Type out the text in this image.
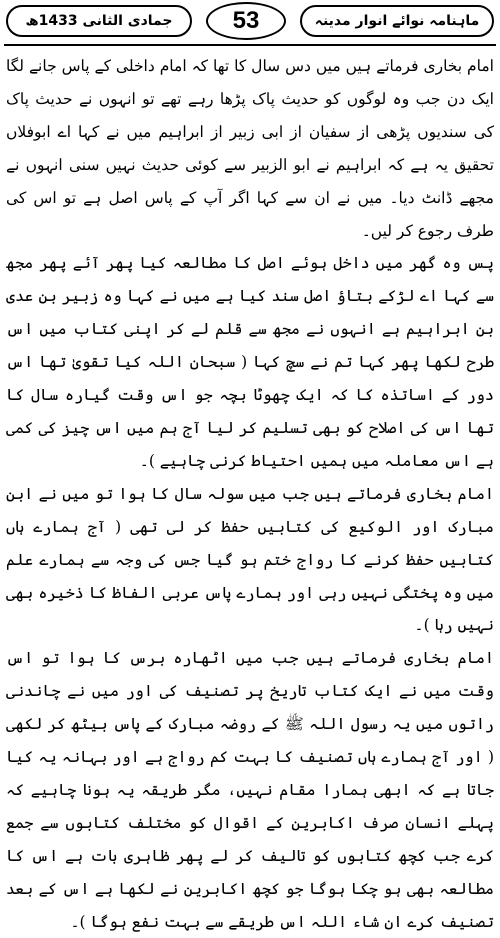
جمادی الثانی 1433ھ	53	ماہنامہ نوائے انوار مدینہ

امام بخاری فرماتے ہیں میں دس سال کا تھا کہ امام داخلی کے پاس جانے لگا ایک دن جب وہ لوگوں کو حدیث پاک پڑھا رہے تھے تو انہوں نے حدیث پاک کی سندیوں پڑھی از سفیان از ابی زبیر از ابراہیم میں نے کہا اے ابوفلاں تحقیق یہ ہے کہ ابراہیم نے ابو الزبیر سے کوئی حدیث نہیں سنی انہوں نے مجھے ڈانٹ دیا۔ میں نے ان سے کہا اگر آپ کے پاس اصل ہے تو اس کی طرف رجوع کر لیں۔

پس وہ گھر میں داخل ہوئے اصل کا مطالعہ کیا پھر آئے پھر مجھ سے کہا اے لڑکے بتاؤ اصل سند کیا ہے میں نے کہا وہ زبیر بن عدی بن ابراہیم ہے انہوں نے مجھ سے قلم لے کر اپنی کتاب میں اس طرح لکھا پھر کہا تم نے سچ کہا ( سبحان اللہ کیا تقویٰ تھا اس دور کے اساتذہ کا کہ ایک چھوٹا بچہ جو اس وقت گیارہ سال کا تھا اس کی اصلاح کو بھی تسلیم کر لیا آج ہم میں اس چیز کی کمی ہے اس معاملہ میں ہمیں احتیاط کرنی چاہیے )۔

امام بخاری فرماتے ہیں جب میں سولہ سال کا ہوا تو میں نے ابن مبارک اور الوکیع کی کتابیں حفظ کر لی تھی ( آج ہمارے ہاں کتابیں حفظ کرنے کا رواج ختم ہو گیا جس کی وجہ سے ہمارے علم میں وہ پختگی نہیں رہی اور ہمارے پاس عربی الفاظ کا ذخیرہ بھی نہیں رہا )۔

امام بخاری فرماتے ہیں جب میں اٹھارہ برس کا ہوا تو اس وقت میں نے ایک کتاب تاریخ پر تصنیف کی اور میں نے چاندنی راتوں میں یہ رسول اللہ ﷺ کے روضہ مبارک کے پاس بیٹھ کر لکھی ( اور آج ہمارے ہاں تصنیف کا بہت کم رواج ہے اور بہانہ یہ کیا جاتا ہے کہ ابھی ہمارا مقام نہیں، مگر طریقہ یہ ہونا چاہیے کہ پہلے انسان صرف اکابرین کے اقوال کو مختلف کتابوں سے جمع کرے جب کچھ کتابوں کو تالیف کر لے پھر ظاہری بات ہے اس کا مطالعہ بھی ہو چکا ہوگا جو کچھ اکابرین نے لکھا ہے اس کے بعد تصنیف کرے ان شاء اللہ اس طریقے سے بہت نفع ہوگا )۔
